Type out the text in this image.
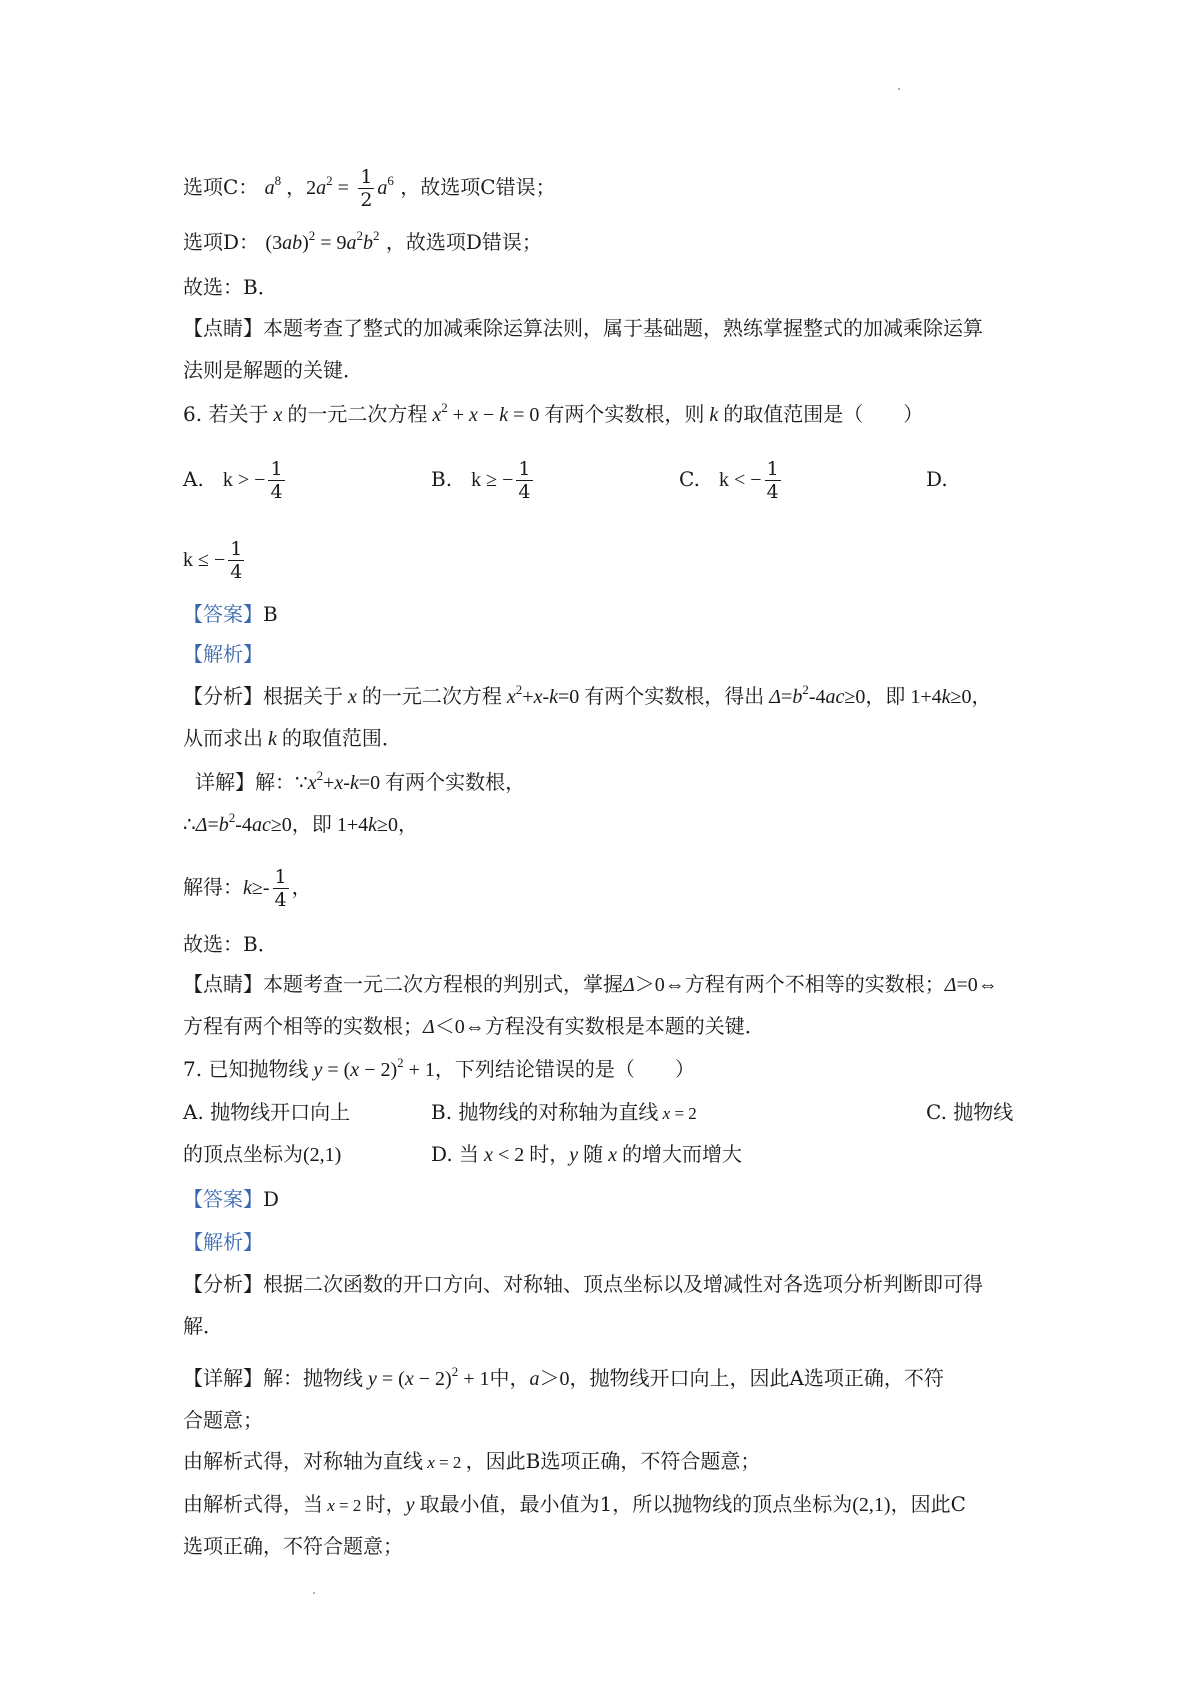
选项C： $a^8$ ，$2a^2 = \frac{1}{2} a^6$ ，故选项C错误；
选项D： $(3ab)^2 = 9a^2b^2$ ，故选项D错误；
故选：B．
【点睛】本题考查了整式的加减乘除运算法则，属于基础题，熟练掌握整式的加减乘除运算
法则是解题的关键．
6. 若关于 x 的一元二次方程 $x^2 + x - k = 0$ 有两个实数根，则 k 的取值范围是（　　）
A. k > − $\frac{1}{4}$	B. k ≥ − $\frac{1}{4}$	C. k < − $\frac{1}{4}$	D.
k ≤ − $\frac{1}{4}$
【答案】B
【解析】
【分析】根据关于 x 的一元二次方程 $x^2+x-k=0$ 有两个实数根，得出 $\Delta=b^2-4ac\ge 0$，即 1+4k≥0，
从而求出 k 的取值范围．
详解】解：$\because x^2+x-k=0$ 有两个实数根，
$\therefore\Delta=b^2-4ac\ge 0$，即 1+4k≥0，
解得：$k\ge- \frac{1}{4}$ ，
故选：B．
【点睛】本题考查一元二次方程根的判别式，掌握Δ＞0⇔方程有两个不相等的实数根；Δ=0⇔
方程有两个相等的实数根；Δ＜0⇔方程没有实数根是本题的关键．
7. 已知抛物线 $y = (x - 2)^2 + 1$，下列结论错误的是（　　）
A. 抛物线开口向上	B. 抛物线的对称轴为直线 x = 2	C. 抛物线
的顶点坐标为(2,1)	D. 当 x < 2 时，y 随 x 的增大而增大
【答案】D
【解析】
【分析】根据二次函数的开口方向、对称轴、顶点坐标以及增减性对各选项分析判断即可得
解．
【详解】解：抛物线 $y = (x - 2)^2 + 1$中，a＞0，抛物线开口向上，因此A选项正确，不符
合题意；
由解析式得，对称轴为直线 x = 2 ，因此B选项正确，不符合题意；
由解析式得，当 x = 2 时，y 取最小值，最小值为1，所以抛物线的顶点坐标为(2,1)，因此C
选项正确，不符合题意；
